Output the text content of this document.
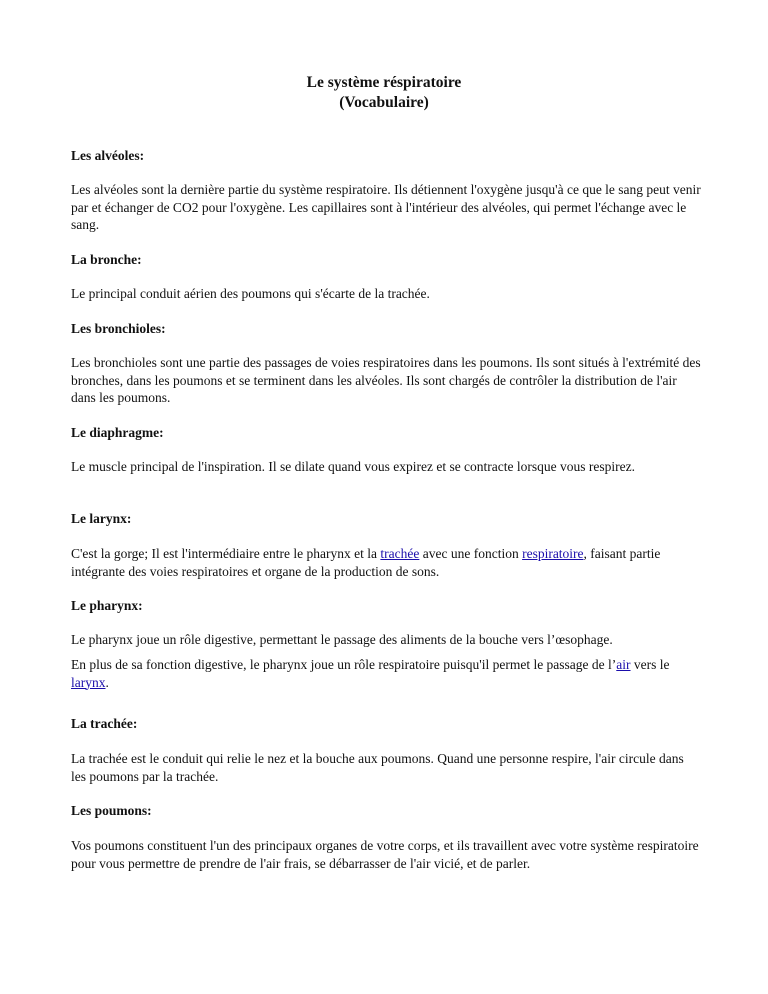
Le système réspiratoire
(Vocabulaire)
Les alvéoles:

Les alvéoles sont la dernière partie du système respiratoire. Ils détiennent l'oxygène jusqu'à ce que le sang peut venir par et échanger de CO2 pour l'oxygène. Les capillaires sont à l'intérieur des alvéoles, qui permet l'échange avec le sang.

La bronche:

Le principal conduit aérien des poumons qui s'écarte de la trachée.

Les bronchioles:

Les bronchioles sont une partie des passages de voies respiratoires dans les poumons. Ils sont situés à l'extrémité des bronches, dans les poumons et se terminent dans les alvéoles. Ils sont chargés de contrôler la distribution de l'air dans les poumons.

Le diaphragme:

Le muscle principal de l'inspiration. Il se dilate quand vous expirez et se contracte lorsque vous respirez.

Le larynx:

C'est la gorge; Il est l'intermédiaire entre le pharynx et la trachée avec une fonction respiratoire, faisant partie intégrante des voies respiratoires et organe de la production de sons.

Le pharynx:

Le pharynx joue un rôle digestive, permettant le passage des aliments de la bouche vers l’œsophage.

En plus de sa fonction digestive, le pharynx joue un rôle respiratoire puisqu'il permet le passage de l’air vers le larynx.

La trachée:

La trachée est le conduit qui relie le nez et la bouche aux poumons. Quand une personne respire, l'air circule dans les poumons par la trachée.

Les poumons:

Vos poumons constituent l'un des principaux organes de votre corps, et ils travaillent avec votre système respiratoire pour vous permettre de prendre de l'air frais, se débarrasser de l'air vicié, et de parler.
